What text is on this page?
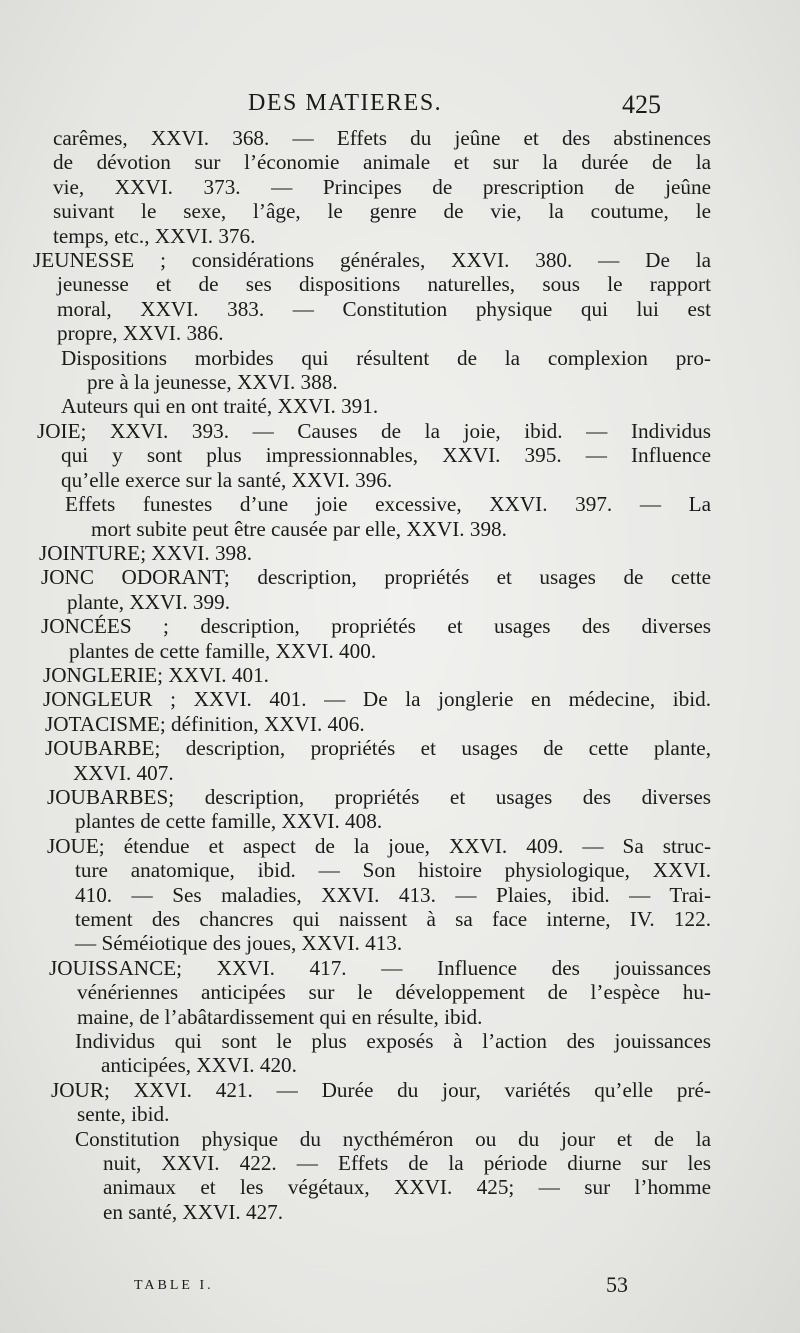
DES MATIERES.	425
carêmes, XXVI. 368. — Effets du jeûne et des abstinences
de dévotion sur l’économie animale et sur la durée de la
vie, XXVI. 373. — Principes de prescription de jeûne
suivant le sexe, l’âge, le genre de vie, la coutume, le
temps, etc., XXVI. 376.
JEUNESSE ; considérations générales, XXVI. 380. — De la
jeunesse et de ses dispositions naturelles, sous le rapport
moral, XXVI. 383. — Constitution physique qui lui est
propre, XXVI. 386.
Dispositions morbides qui résultent de la complexion pro-
pre à la jeunesse, XXVI. 388.
Auteurs qui en ont traité, XXVI. 391.
JOIE; XXVI. 393. — Causes de la joie, ibid. — Individus
qui y sont plus impressionnables, XXVI. 395. — Influence
qu’elle exerce sur la santé, XXVI. 396.
Effets funestes d’une joie excessive, XXVI. 397. — La
mort subite peut être causée par elle, XXVI. 398.
JOINTURE; XXVI. 398.
JONC ODORANT; description, propriétés et usages de cette
plante, XXVI. 399.
JONCÉES ; description, propriétés et usages des diverses
plantes de cette famille, XXVI. 400.
JONGLERIE; XXVI. 401.
JONGLEUR ; XXVI. 401. — De la jonglerie en médecine, ibid.
JOTACISME; définition, XXVI. 406.
JOUBARBE; description, propriétés et usages de cette plante,
XXVI. 407.
JOUBARBES; description, propriétés et usages des diverses
plantes de cette famille, XXVI. 408.
JOUE; étendue et aspect de la joue, XXVI. 409. — Sa struc-
ture anatomique, ibid. — Son histoire physiologique, XXVI.
410. — Ses maladies, XXVI. 413. — Plaies, ibid. — Trai-
tement des chancres qui naissent à sa face interne, IV. 122.
— Séméiotique des joues, XXVI. 413.
JOUISSANCE; XXVI. 417. — Influence des jouissances
vénériennes anticipées sur le développement de l’espèce hu-
maine, de l’abâtardissement qui en résulte, ibid.
Individus qui sont le plus exposés à l’action des jouissances
anticipées, XXVI. 420.
JOUR; XXVI. 421. — Durée du jour, variétés qu’elle pré-
sente, ibid.
Constitution physique du nycthéméron ou du jour et de la
nuit, XXVI. 422. — Effets de la période diurne sur les
animaux et les végétaux, XXVI. 425; — sur l’homme
en santé, XXVI. 427.
TABLE I.	53
